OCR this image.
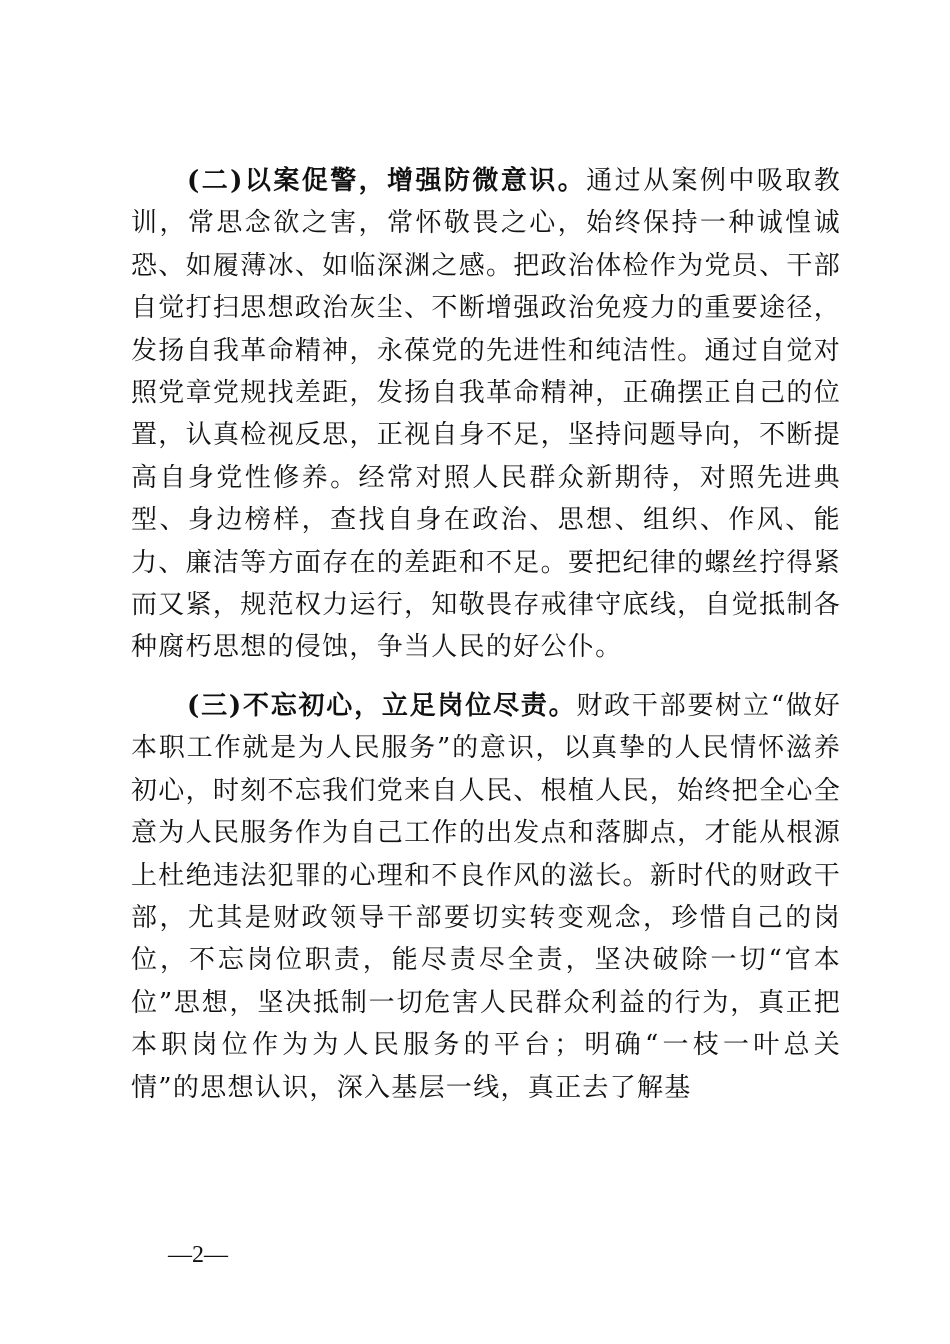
(二)以案促警，增强防微意识。通过从案例中吸取教训，常思念欲之害，常怀敬畏之心，始终保持一种诚惶诚恐、如履薄冰、如临深渊之感。把政治体检作为党员、干部自觉打扫思想政治灰尘、不断增强政治免疫力的重要途径，发扬自我革命精神，永葆党的先进性和纯洁性。通过自觉对照党章党规找差距，发扬自我革命精神，正确摆正自己的位置，认真检视反思，正视自身不足，坚持问题导向，不断提高自身党性修养。经常对照人民群众新期待，对照先进典型、身边榜样，查找自身在政治、思想、组织、作风、能力、廉洁等方面存在的差距和不足。要把纪律的螺丝拧得紧而又紧，规范权力运行，知敬畏存戒律守底线，自觉抵制各种腐朽思想的侵蚀，争当人民的好公仆。

(三)不忘初心，立足岗位尽责。财政干部要树立“做好本职工作就是为人民服务”的意识，以真挚的人民情怀滋养初心，时刻不忘我们党来自人民、根植人民，始终把全心全意为人民服务作为自己工作的出发点和落脚点，才能从根源上杜绝违法犯罪的心理和不良作风的滋长。新时代的财政干部，尤其是财政领导干部要切实转变观念，珍惜自己的岗位，不忘岗位职责，能尽责尽全责，坚决破除一切“官本位”思想，坚决抵制一切危害人民群众利益的行为，真正把本职岗位作为为人民服务的平台；明确“一枝一叶总关情”的思想认识，深入基层一线，真正去了解基

—2—
